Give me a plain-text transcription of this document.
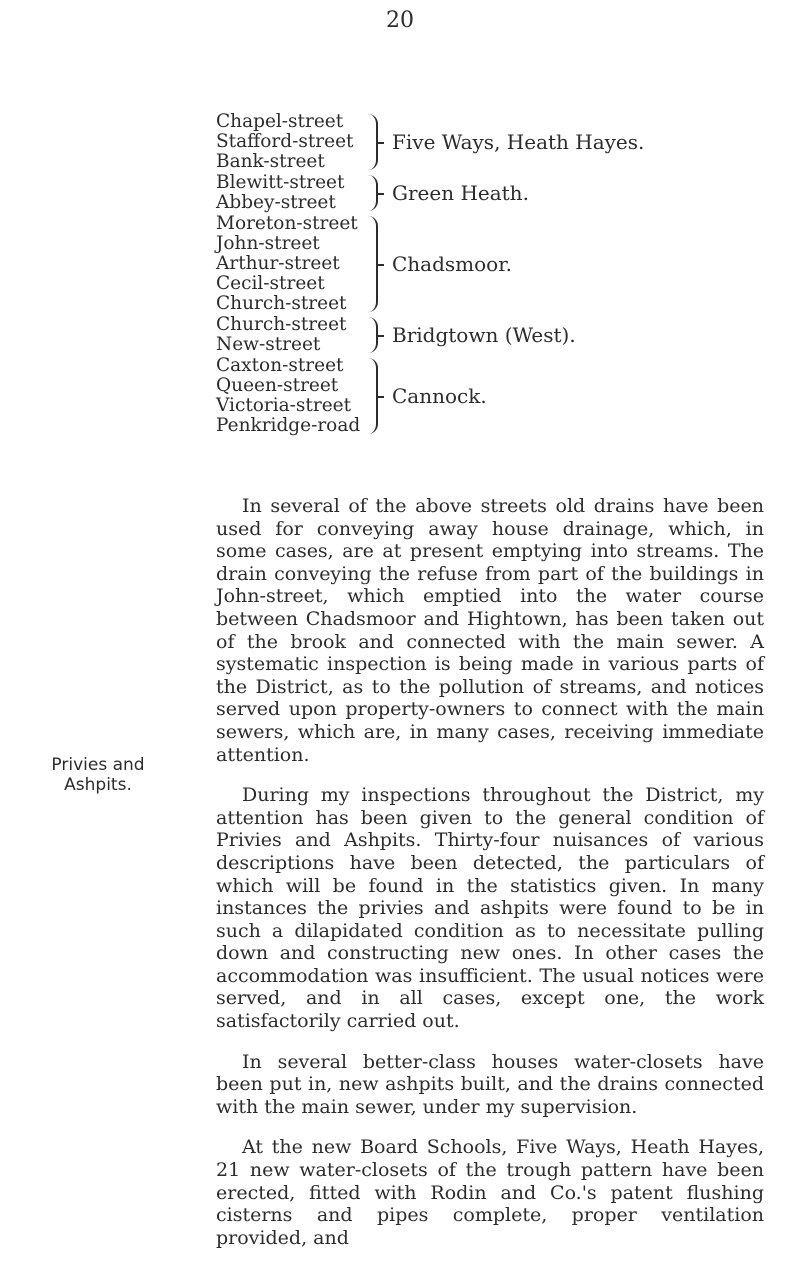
20
Chapel-street
Stafford-street
Bank-street
Five Ways, Heath Hayes.
Blewitt-street
Abbey-street	Green Heath.
Moreton-street
John-street
Arthur-street
Cecil-street
Church-street
Chadsmoor.
Church-street
New-street	Bridgtown (West).
Caxton-street
Queen-street
Victoria-street
Penkridge-road
Cannock.
Privies and Ashpits.

In several of the above streets old drains have been used for conveying away house drainage, which, in some cases, are at present emptying into streams. The drain conveying the refuse from part of the buildings in John-street, which emptied into the water course between Chadsmoor and Hightown, has been taken out of the brook and connected with the main sewer. A systematic inspection is being made in various parts of the District, as to the pollution of streams, and notices served upon property-owners to connect with the main sewers, which are, in many cases, receiving immediate attention.

During my inspections throughout the District, my attention has been given to the general condition of Privies and Ashpits. Thirty-four nuisances of various descriptions have been detected, the particulars of which will be found in the statistics given. In many instances the privies and ashpits were found to be in such a dilapidated condition as to necessitate pulling down and constructing new ones. In other cases the accommodation was insufficient. The usual notices were served, and in all cases, except one, the work satisfactorily carried out.

In several better-class houses water-closets have been put in, new ashpits built, and the drains connected with the main sewer, under my supervision.

At the new Board Schools, Five Ways, Heath Hayes, 21 new water-closets of the trough pattern have been erected, fitted with Rodin and Co.'s patent flushing cisterns and pipes complete, proper ventilation provided, and
